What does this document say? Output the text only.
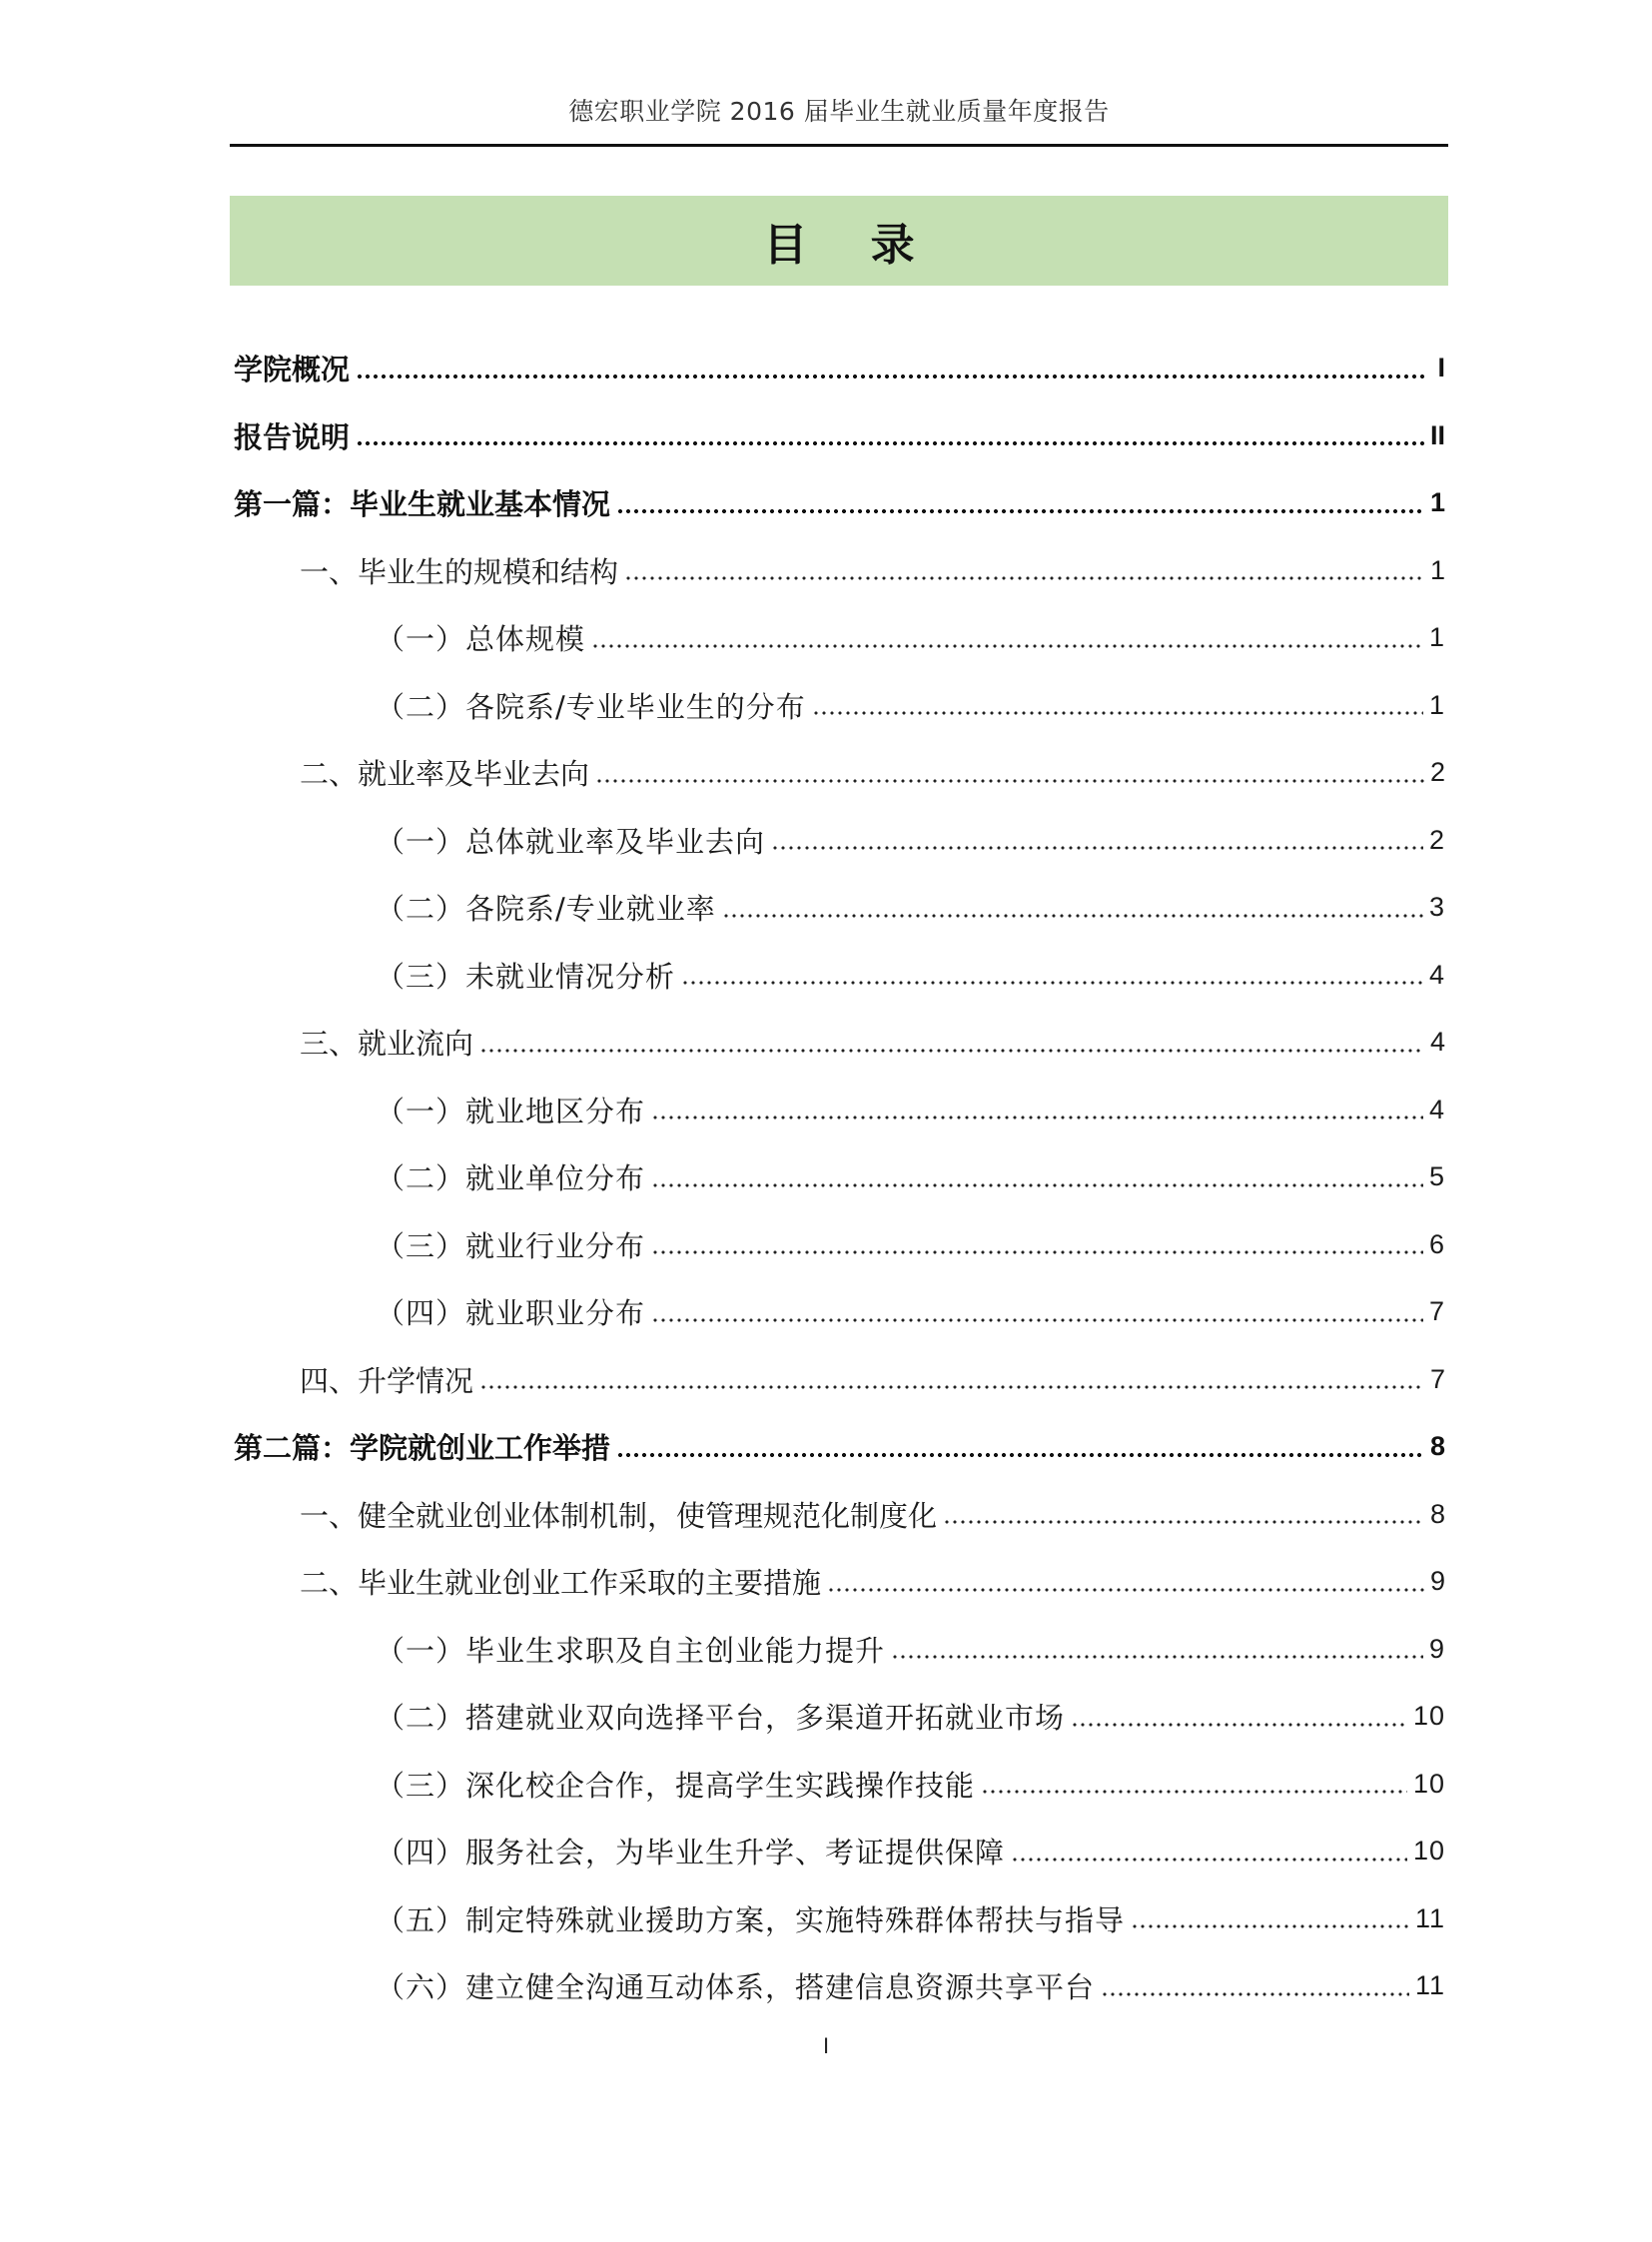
德宏职业学院 2016 届毕业生就业质量年度报告
目 录
学院概况	I
报告说明	II
第一篇：毕业生就业基本情况	1
一、毕业生的规模和结构	1
（一）总体规模	1
（二）各院系/专业毕业生的分布	1
二、就业率及毕业去向	2
（一）总体就业率及毕业去向	2
（二）各院系/专业就业率	3
（三）未就业情况分析	4
三、就业流向	4
（一）就业地区分布	4
（二）就业单位分布	5
（三）就业行业分布	6
（四）就业职业分布	7
四、升学情况	7
第二篇：学院就创业工作举措	8
一、健全就业创业体制机制，使管理规范化制度化	8
二、毕业生就业创业工作采取的主要措施	9
（一）毕业生求职及自主创业能力提升	9
（二）搭建就业双向选择平台，多渠道开拓就业市场	10
（三）深化校企合作，提高学生实践操作技能	10
（四）服务社会，为毕业生升学、考证提供保障	10
（五）制定特殊就业援助方案，实施特殊群体帮扶与指导	11
（六）建立健全沟通互动体系，搭建信息资源共享平台	11
I
